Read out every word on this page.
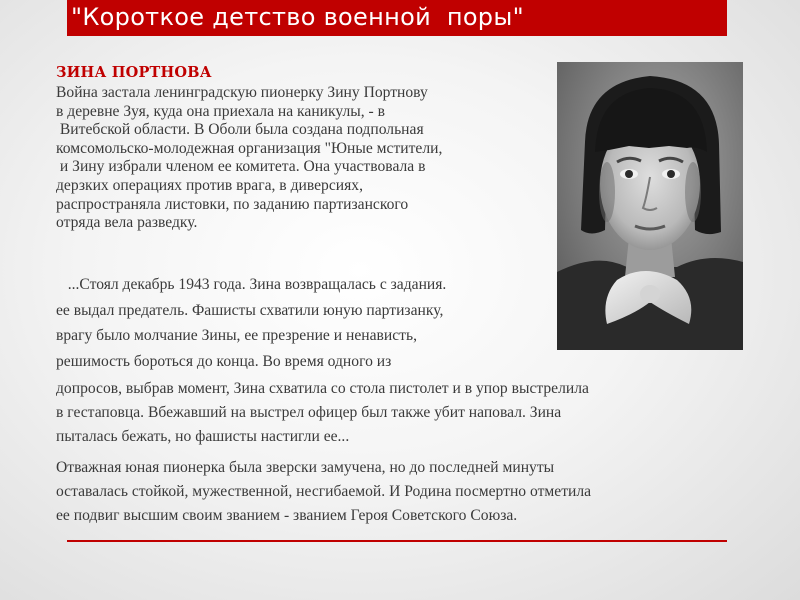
"Короткое детство военной  поры"
ЗИНА ПОРТНОВА
Война застала ленинградскую пионерку Зину Портнову
в деревне Зуя, куда она приехала на каникулы, - в
Витебской области. В Оболи была создана подпольная
комсомольско-молодежная организация "Юные мстители,
и Зину избрали членом ее комитета. Она участвовала в
дерзких операциях против врага, в диверсиях,
распространяла листовки, по заданию партизанского
отряда вела разведку.
...Стоял декабрь 1943 года. Зина возвращалась с задания.
ее выдал предатель. Фашисты схватили юную партизанку,
врагу было молчание Зины, ее презрение и ненависть,
решимость бороться до конца. Во время одного из
допросов, выбрав момент, Зина схватила со стола пистолет и в упор выстрелила
в гестаповца. Вбежавший на выстрел офицер был также убит наповал. Зина
пыталась бежать, но фашисты настигли ее...
Отважная юная пионерка была зверски замучена, но до последней минуты
оставалась стойкой, мужественной, несгибаемой. И Родина посмертно отметила
ее подвиг высшим своим званием - званием Героя Советского Союза.
